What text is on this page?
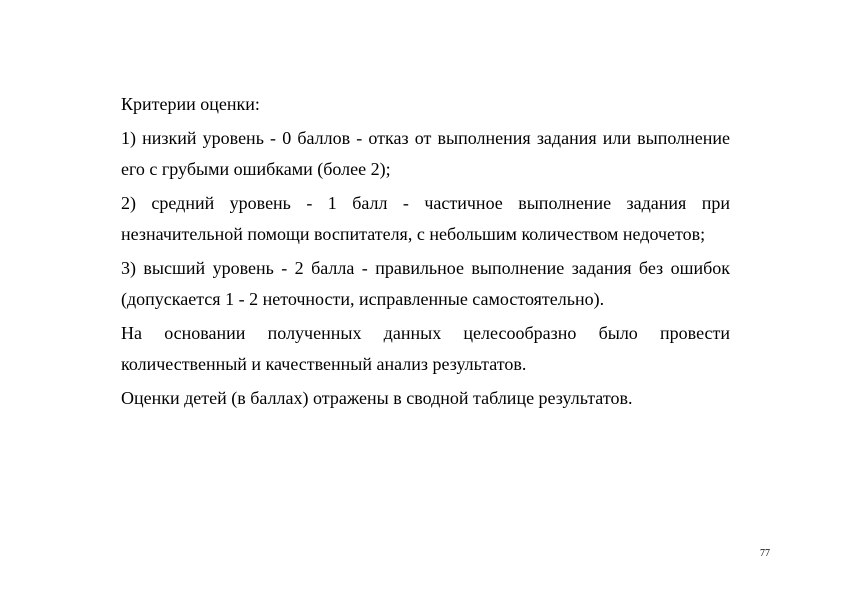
Критерии оценки:

1) низкий уровень - 0 баллов - отказ от выполнения задания или выполнение его с грубыми ошибками (более 2);

2) средний уровень - 1 балл - частичное выполнение задания при незначительной помощи воспитателя, с небольшим количеством недочетов;

3) высший уровень - 2 балла - правильное выполнение задания без ошибок (допускается 1 - 2 неточности, исправленные самостоятельно).

На основании полученных данных целесообразно было провести количественный и качественный анализ результатов.

Оценки детей (в баллах) отражены в сводной таблице результатов.

77
